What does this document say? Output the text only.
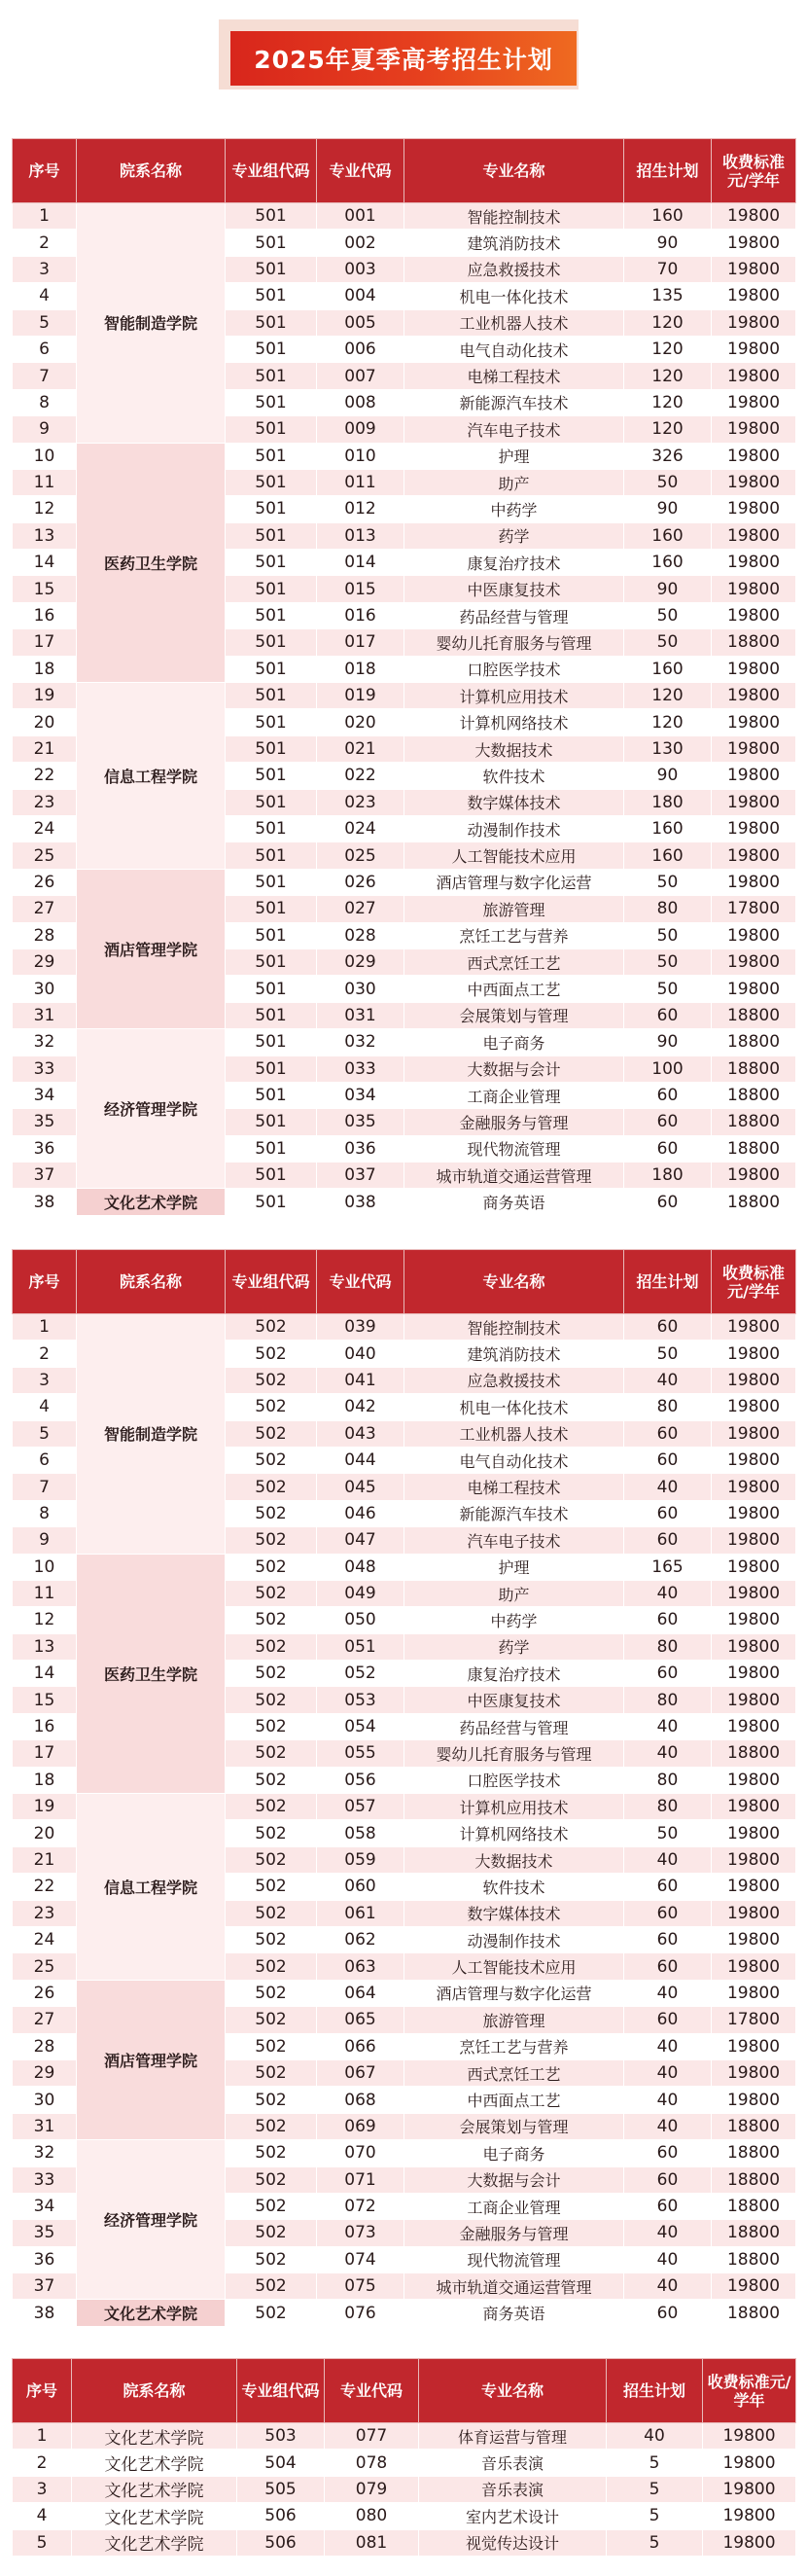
2025年夏季高考招生计划
序号	院系名称	专业组代码	专业代码	专业名称	招生计划	收费标准元/学年
1	智能制造学院	501	001	智能控制技术	160	19800
2		501	002	建筑消防技术	90	19800
3		501	003	应急救援技术	70	19800
4		501	004	机电一体化技术	135	19800
5		501	005	工业机器人技术	120	19800
6		501	006	电气自动化技术	120	19800
7		501	007	电梯工程技术	120	19800
8		501	008	新能源汽车技术	120	19800
9		501	009	汽车电子技术	120	19800
10	医药卫生学院	501	010	护理	326	19800
11		501	011	助产	50	19800
12		501	012	中药学	90	19800
13		501	013	药学	160	19800
14		501	014	康复治疗技术	160	19800
15		501	015	中医康复技术	90	19800
16		501	016	药品经营与管理	50	19800
17		501	017	婴幼儿托育服务与管理	50	18800
18		501	018	口腔医学技术	160	19800
19	信息工程学院	501	019	计算机应用技术	120	19800
20		501	020	计算机网络技术	120	19800
21		501	021	大数据技术	130	19800
22		501	022	软件技术	90	19800
23		501	023	数字媒体技术	180	19800
24		501	024	动漫制作技术	160	19800
25		501	025	人工智能技术应用	160	19800
26	酒店管理学院	501	026	酒店管理与数字化运营	50	19800
27		501	027	旅游管理	80	17800
28		501	028	烹饪工艺与营养	50	19800
29		501	029	西式烹饪工艺	50	19800
30		501	030	中西面点工艺	50	19800
31		501	031	会展策划与管理	60	18800
32	经济管理学院	501	032	电子商务	90	18800
33		501	033	大数据与会计	100	18800
34		501	034	工商企业管理	60	18800
35		501	035	金融服务与管理	60	18800
36		501	036	现代物流管理	60	18800
37		501	037	城市轨道交通运营管理	180	19800
38	文化艺术学院	501	038	商务英语	60	18800
序号	院系名称	专业组代码	专业代码	专业名称	招生计划	收费标准元/学年
1	智能制造学院	502	039	智能控制技术	60	19800
2		502	040	建筑消防技术	50	19800
3		502	041	应急救援技术	40	19800
4		502	042	机电一体化技术	80	19800
5		502	043	工业机器人技术	60	19800
6		502	044	电气自动化技术	60	19800
7		502	045	电梯工程技术	40	19800
8		502	046	新能源汽车技术	60	19800
9		502	047	汽车电子技术	60	19800
10	医药卫生学院	502	048	护理	165	19800
11		502	049	助产	40	19800
12		502	050	中药学	60	19800
13		502	051	药学	80	19800
14		502	052	康复治疗技术	60	19800
15		502	053	中医康复技术	80	19800
16		502	054	药品经营与管理	40	19800
17		502	055	婴幼儿托育服务与管理	40	18800
18		502	056	口腔医学技术	80	19800
19	信息工程学院	502	057	计算机应用技术	80	19800
20		502	058	计算机网络技术	50	19800
21		502	059	大数据技术	40	19800
22		502	060	软件技术	60	19800
23		502	061	数字媒体技术	60	19800
24		502	062	动漫制作技术	60	19800
25		502	063	人工智能技术应用	60	19800
26	酒店管理学院	502	064	酒店管理与数字化运营	40	19800
27		502	065	旅游管理	60	17800
28		502	066	烹饪工艺与营养	40	19800
29		502	067	西式烹饪工艺	40	19800
30		502	068	中西面点工艺	40	19800
31		502	069	会展策划与管理	40	18800
32	经济管理学院	502	070	电子商务	60	18800
33		502	071	大数据与会计	60	18800
34		502	072	工商企业管理	60	18800
35		502	073	金融服务与管理	40	18800
36		502	074	现代物流管理	40	18800
37		502	075	城市轨道交通运营管理	40	19800
38	文化艺术学院	502	076	商务英语	60	18800
序号	院系名称	专业组代码	专业代码	专业名称	招生计划	收费标准元/学年
1	文化艺术学院	503	077	体育运营与管理	40	19800
2	文化艺术学院	504	078	音乐表演	5	19800
3	文化艺术学院	505	079	音乐表演	5	19800
4	文化艺术学院	506	080	室内艺术设计	5	19800
5	文化艺术学院	506	081	视觉传达设计	5	19800
